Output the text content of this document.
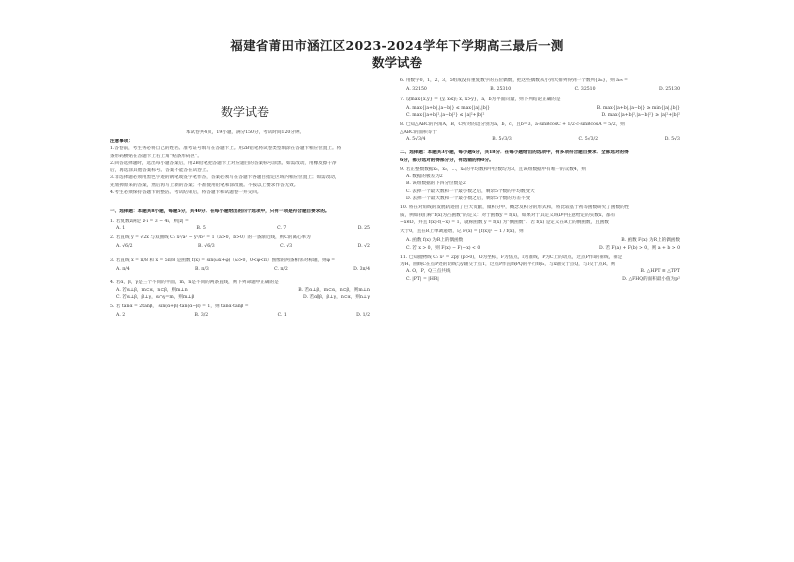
福建省莆田市涵江区2023-2024学年下学期高三最后一测
数学试卷

数学试卷

本试卷共4页，19小题，满分150分，考试时间120分钟。

注意事项：

1.答卷前，考生务必将自己的姓名、准考证号填写在答题卡上。用2B铅笔将试卷类型填涂在答题卡相应位置上。将

条形码横贴在答题卡上右上角“贴条形码区”。

2.回答选择题时，选出每小题答案后，用2B铅笔把答题卡上对应题目的答案标号涂黑。如需改动，用橡皮擦干净

后，再选涂其他答案标号。答案不能答在试卷上。

3.非选择题必须用黑色字迹的钢笔或签字笔作答，答案必须写在答题卡各题目指定区域内相应位置上；如需改动，

先划掉原来的答案，然后再写上新的答案；不准使用铅笔和涂改液。不按以上要求作答无效。

4.考生必须保持答题卡的整洁。考试结束后，将答题卡和试题卷一并交回。

一、选择题：本题共8小题，每题5分，共40分．在每小题给出的四个选项中，只有一项是符合题目要求的。

1. 若复数z满足 z·i = 3 − 4i，则|z| =

A. 1	B. 5	C. 7	D. 25

2. 若直线 y = √2x 与双曲线 C: x²/a² − y²/b² = 1（a>0，b>0）的一条渐近线，则C的离心率为

A. √6/2	B. √6/3	C. √3	D. √2

3. 若直线 x = π/8 和 x = 5π/8 是函数 f(x) = sin(ωx+φ)（ω>0，0<φ<π）图像的两条相邻对称轴，则φ =

A. π/4	B. π/3	C. π/2	D. 3π/4

4. 若α，β，γ是三个不同的平面，m，n是不同的两条直线，则下列命题中正确的是

A. 若α⊥β，m⊂α，n⊂β，则m⊥n	B. 若α⊥β，m⊂α，n⊂β，则m⊥n
C. 若α⊥β，β⊥γ，α∩γ=m，则m⊥β	D. 若α∥β，β⊥γ，n⊂α，则n⊥γ

5. 若 tanα = 2tanβ， sin(α+β)·tan(α−β) = 1，则 tanα·tanβ =

A. 2	B. 3/2	C. 1	D. 1/2

6. 用数字0，1，2，3，5组成没有重复数字的五位偶数，把这些偶数从小到大排列得到一个数列{aₙ}，则 a₂₅ =

A. 32150	B. 25310	C. 32510	D. 25130

7. 设max{x,y} = {y, x≤y; x, x>y}，a，b为平面向量，则下列结论正确的是

A. max{|a+b|,|a−b|} ≤ max{|a|,|b|}	B. max{|a+b|,|a−b|} ≥ min{|a|,|b|}
C. max{|a+b|²,|a−b|²} ≤ |a|²+|b|²	D. max{|a+b|²,|a−b|²} ≥ |a|²+|b|²

8. 已知△ABC的内角A，B，C所对的边分别为a，b，c，且b=3，a·sinBcosC + 1/2·c·sinBcosA = 5/2，则

△ABC的面积等于

A. 5√3/4	B. 5√3/3	C. 5√3/2	D. 5√3

二、选择题：本题共3小题，每小题6分，共18分．在每小题给出的选项中，有多项符合题目要求．全部选对的得

6分，部分选对的得部分分，有选错的得0分。

9. 若正整数数据x₁，x₂，…，xₙ的平均数和中位数均为3，且该组数据中有唯一的众数4，则

A. 数据的极差为2

B. 该组数据的下四分位数是2

C. 去掉一个最大数和一个最小数之后，剩余5个数的平均数变大

D. 去掉一个最大数和一个最小数之后，剩余5个数的方差不变

10. 将在对角线的发展轨迹由了巨大贡献，微积分中，概念及积分的形式和，将比较基于初等函数研究了函数的性

质，例如我们称“f(x)为凸函数”的定义：对于函数y = f(x)，如果对于其定义域D中任意给定的实数x，都有

−x∈D，并且 f(x)·f(−x) = 1，就称函数 y = f(x) 为“倒函数”．若 f(x) 是定义在R上的倒函数，且函数

大于0，且在R上单调递增，记 F(x) = [f(x)]² − 1 / f(x)，则

A. 函数 f(x) 为R上的偶函数	B. 函数 F(x) 为R上的偶函数
C. 若 x > 0，则 F(x) − F(−x) < 0	D. 若 F(a) + F(b) > 0，则 a + b > 0

11. 已知抛物线 C: x² = 2py (p>0)，O为坐标，F为焦点，l为准线，P为C上的动点，过点P作l的垂线，垂足

为H，曲线C在点P处的切线与y轴交于点T，过点P作直线PQ的平行线l₂，与x轴交于点Q，与l交于点R，则

A. O，P，Q三点共线	B. △HPT ≅ △TPT
C. |PT| = |HR|	D. △FHQ的面积最小值为p²
